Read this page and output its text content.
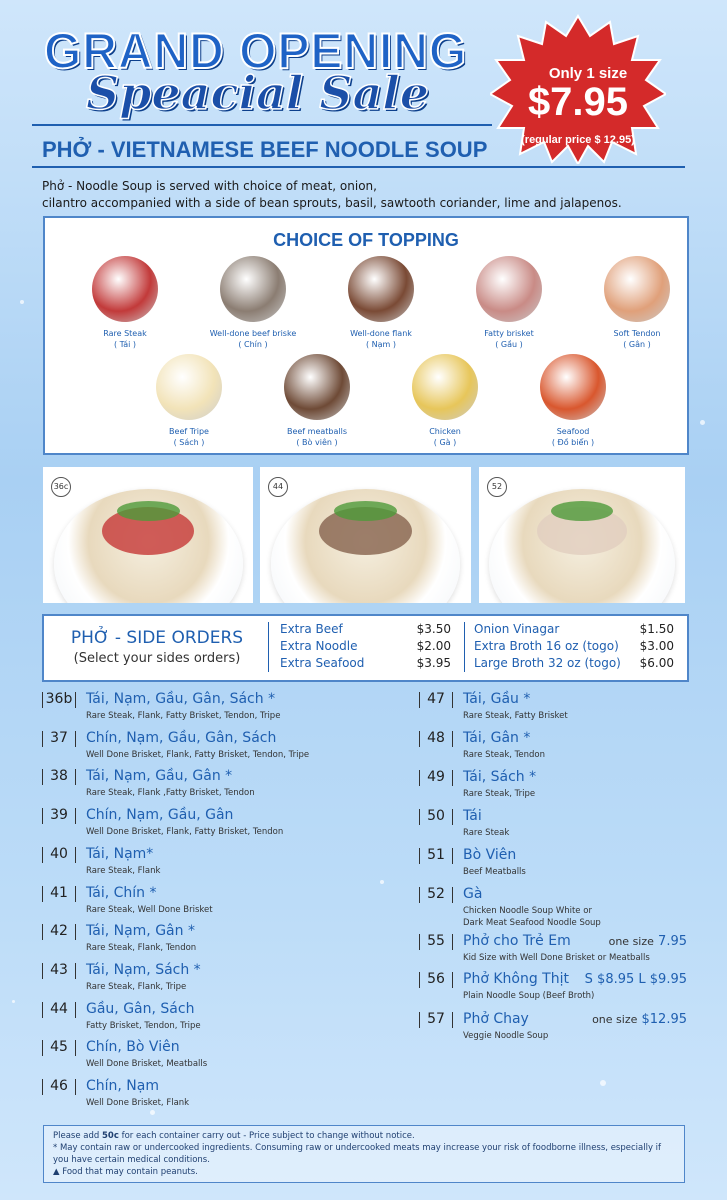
GRAND OPENING
Speacial Sale	Only 1 size
$7.95
(regular price $ 12.95)
PHỞ - VIETNAMESE BEEF NOODLE SOUP
Phở - Noodle Soup is served with choice of meat, onion,
cilantro accompanied with a side of bean sprouts, basil, sawtooth coriander, lime and jalapenos.
CHOICE OF TOPPING
Rare Steak
( Tái )
Well-done beef briske
( Chín )
Well-done flank
( Nạm )
Fatty brisket
( Gầu )
Soft Tendon
( Gân )
Beef Tripe
( Sách )
Beef meatballs
( Bò viên )
Chicken
( Gà )
Seafood
( Đồ biển )
36c	44	52
PHỞ - SIDE ORDERS
(Select your sides orders)
Extra Beef	$3.50
Extra Noodle	$2.00
Extra Seafood	$3.95
Onion Vinagar	$1.50
Extra Broth 16 oz (togo)	$3.00
Large Broth 32 oz (togo)	$6.00
36b Tái, Nạm, Gầu, Gân, Sách *
Rare Steak, Flank, Fatty Brisket, Tendon, Tripe
37	Chín, Nạm, Gầu, Gân, Sách
Well Done Brisket, Flank, Fatty Brisket, Tendon, Tripe
38	Tái, Nạm, Gầu, Gân *
Rare Steak, Flank ,Fatty Brisket, Tendon
39	Chín, Nạm, Gầu, Gân
Well Done Brisket, Flank, Fatty Brisket, Tendon
40	Tái, Nạm*
Rare Steak, Flank
41	Tái, Chín *
Rare Steak, Well Done Brisket
42	Tái, Nạm, Gân *
Rare Steak, Flank, Tendon
43	Tái, Nạm, Sách *
Rare Steak, Flank, Tripe
44	Gầu, Gân, Sách
Fatty Brisket, Tendon, Tripe
45	Chín, Bò Viên
Well Done Brisket, Meatballs
46	Chín, Nạm
Well Done Brisket, Flank
47	Tái, Gầu *
Rare Steak, Fatty Brisket
48	Tái, Gân *
Rare Steak, Tendon
49	Tái, Sách *
Rare Steak, Tripe
50	Tái
Rare Steak
51	Bò Viên
Beef Meatballs
52	Gà
Chicken Noodle Soup White or
Dark Meat Seafood Noodle Soup
55	Phở cho Trẻ Em
Kid Size with Well Done Brisket or Meatballs
one size 7.95
56	Phở Không Thịt
Plain Noodle Soup (Beef Broth)
S $8.95 L $9.95
57	Phở Chay
Veggie Noodle Soup
one size $12.95
Please add 50c for each container carry out - Price subject to change without notice.
* May contain raw or undercooked ingredients. Consuming raw or undercooked meats may increase your risk of foodborne illness, especially if you have certain medical conditions.
▲ Food that may contain peanuts.
